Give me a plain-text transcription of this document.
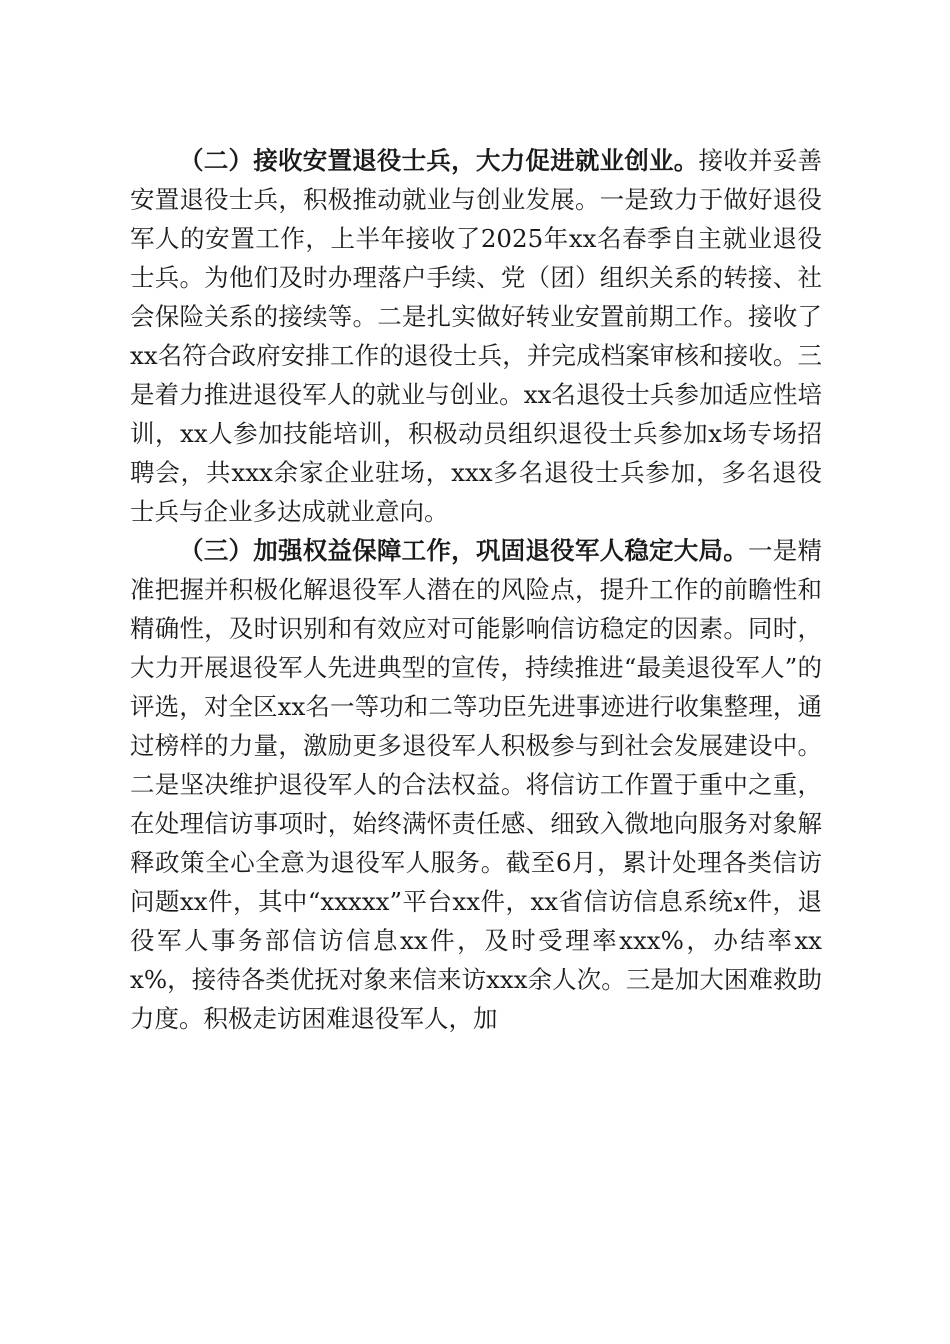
（二）接收安置退役士兵，大力促进就业创业。接收并妥善安置退役士兵，积极推动就业与创业发展。一是致力于做好退役军人的安置工作，上半年接收了2025年xx名春季自主就业退役士兵。为他们及时办理落户手续、党（团）组织关系的转接、社会保险关系的接续等。二是扎实做好转业安置前期工作。接收了xx名符合政府安排工作的退役士兵，并完成档案审核和接收。三是着力推进退役军人的就业与创业。xx名退役士兵参加适应性培训，xx人参加技能培训，积极动员组织退役士兵参加x场专场招聘会，共xxx余家企业驻场，xxx多名退役士兵参加，多名退役士兵与企业多达成就业意向。

（三）加强权益保障工作，巩固退役军人稳定大局。一是精准把握并积极化解退役军人潜在的风险点，提升工作的前瞻性和精确性，及时识别和有效应对可能影响信访稳定的因素。同时，大力开展退役军人先进典型的宣传，持续推进“最美退役军人”的评选，对全区xx名一等功和二等功臣先进事迹进行收集整理，通过榜样的力量，激励更多退役军人积极参与到社会发展建设中。二是坚决维护退役军人的合法权益。将信访工作置于重中之重，在处理信访事项时，始终满怀责任感、细致入微地向服务对象解释政策全心全意为退役军人服务。截至6月，累计处理各类信访问题xx件，其中“xxxxx”平台xx件，xx省信访信息系统x件，退役军人事务部信访信息xx件，及时受理率xxx%，办结率xxx%，接待各类优抚对象来信来访xxx余人次。三是加大困难救助力度。积极走访困难退役军人，加
